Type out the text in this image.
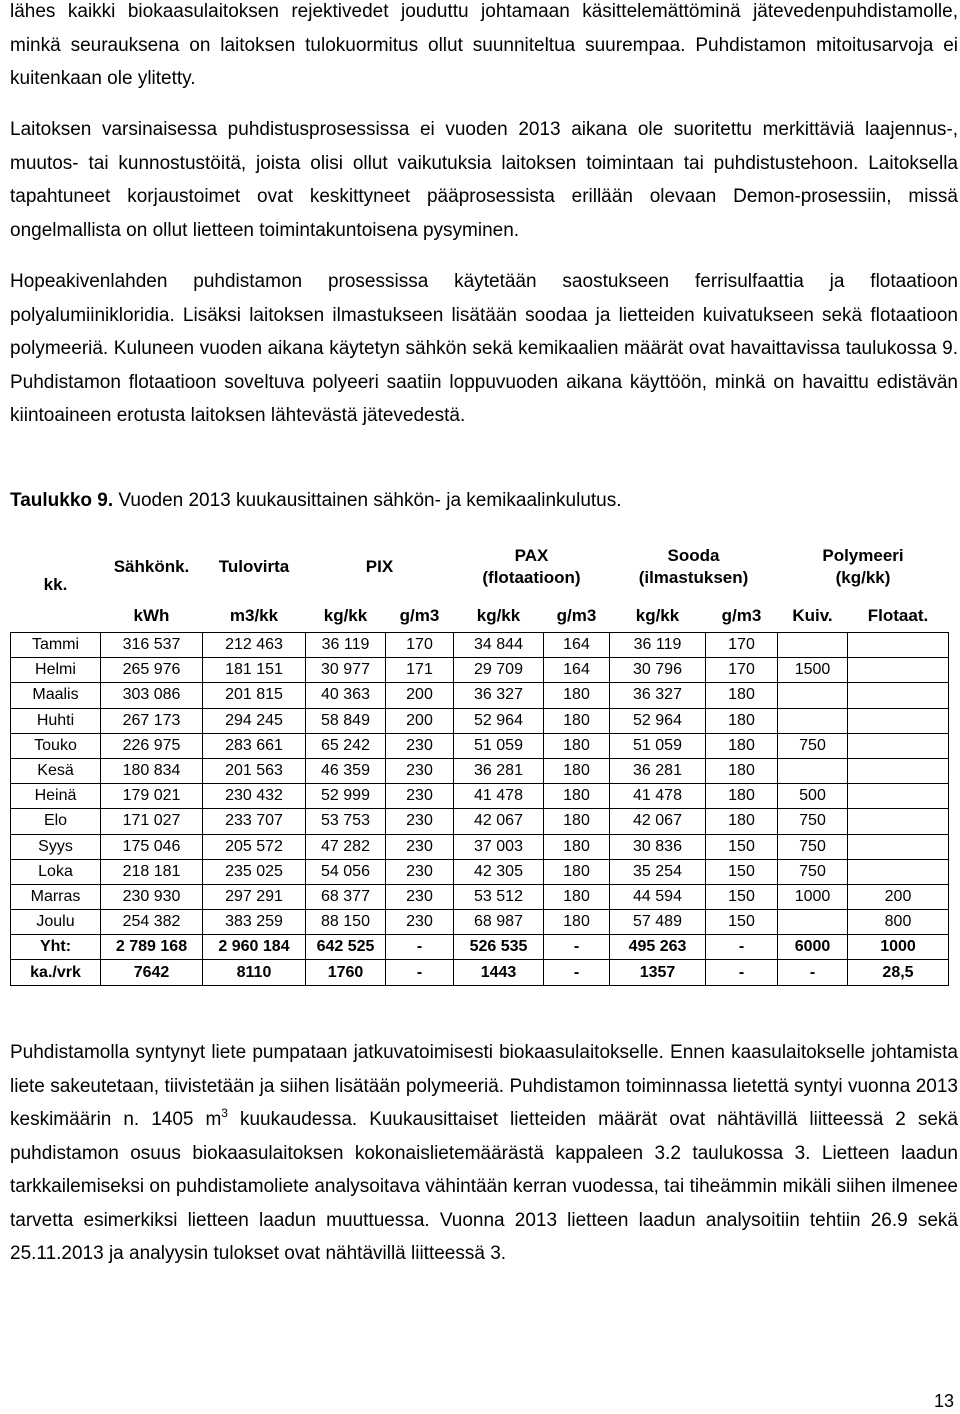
lähes kaikki biokaasulaitoksen rejektivedet jouduttu johtamaan käsittelemättöminä jätevedenpuhdistamolle, minkä seurauksena on laitoksen tulokuormitus ollut suunniteltua suurempaa. Puhdistamon mitoitusarvoja ei kuitenkaan ole ylitetty.

Laitoksen varsinaisessa puhdistusprosessissa ei vuoden 2013 aikana ole suoritettu merkittäviä laajennus-, muutos- tai kunnostustöitä, joista olisi ollut vaikutuksia laitoksen toimintaan tai puhdistustehoon. Laitoksella tapahtuneet korjaustoimet ovat keskittyneet pääprosessista erillään olevaan Demon-prosessiin, missä ongelmallista on ollut lietteen toimintakuntoisena pysyminen.

Hopeakivenlahden puhdistamon prosessissa käytetään saostukseen ferrisulfaattia ja flotaatioon polyalumiinikloridia. Lisäksi laitoksen ilmastukseen lisätään soodaa ja lietteiden kuivatukseen sekä flotaatioon polymeeriä. Kuluneen vuoden aikana käytetyn sähkön sekä kemikaalien määrät ovat havaittavissa taulukossa 9. Puhdistamon flotaatioon soveltuva polyeeri saatiin loppuvuoden aikana käyttöön, minkä on havaittu edistävän kiintoaineen erotusta laitoksen lähtevästä jätevedestä.

Taulukko 9. Vuoden 2013 kuukausittainen sähkön- ja kemikaalinkulutus.
kk.	Sähkönk.	Tulovirta	PIX		PAX (flotaatioon)		Sooda (ilmastuksen)		Polymeeri (kg/kk)	
	kWh	m3/kk	kg/kk	g/m3	kg/kk	g/m3	kg/kk	g/m3	Kuiv.	Flotaat.
Tammi	316 537	212 463	36 119	170	34 844	164	36 119	170		
Helmi	265 976	181 151	30 977	171	29 709	164	30 796	170	1500	
Maalis	303 086	201 815	40 363	200	36 327	180	36 327	180		
Huhti	267 173	294 245	58 849	200	52 964	180	52 964	180		
Touko	226 975	283 661	65 242	230	51 059	180	51 059	180	750	
Kesä	180 834	201 563	46 359	230	36 281	180	36 281	180		
Heinä	179 021	230 432	52 999	230	41 478	180	41 478	180	500	
Elo	171 027	233 707	53 753	230	42 067	180	42 067	180	750	
Syys	175 046	205 572	47 282	230	37 003	180	30 836	150	750	
Loka	218 181	235 025	54 056	230	42 305	180	35 254	150	750	
Marras	230 930	297 291	68 377	230	53 512	180	44 594	150	1000	200
Joulu	254 382	383 259	88 150	230	68 987	180	57 489	150		800
Yht:	2 789 168	2 960 184	642 525	-	526 535	-	495 263	-	6000	1000
ka./vrk	7642	8110	1760	-	1443	-	1357	-	-	28,5

Puhdistamolla syntynyt liete pumpataan jatkuvatoimisesti biokaasulaitokselle. Ennen kaasulaitokselle johtamista liete sakeutetaan, tiivistetään ja siihen lisätään polymeeriä. Puhdistamon toiminnassa lietettä syntyi vuonna 2013 keskimäärin n. 1405 $m^3$ kuukaudessa. Kuukausittaiset lietteiden määrät ovat nähtävillä liitteessä 2 sekä puhdistamon osuus biokaasulaitoksen kokonaislietemäärästä kappaleen 3.2 taulukossa 3. Lietteen laadun tarkkailemiseksi on puhdistamoliete analysoitava vähintään kerran vuodessa, tai tiheämmin mikäli siihen ilmenee tarvetta esimerkiksi lietteen laadun muuttuessa. Vuonna 2013 lietteen laadun analysoitiin tehtiin 26.9 sekä 25.11.2013 ja analyysin tulokset ovat nähtävillä liitteessä 3.

13
